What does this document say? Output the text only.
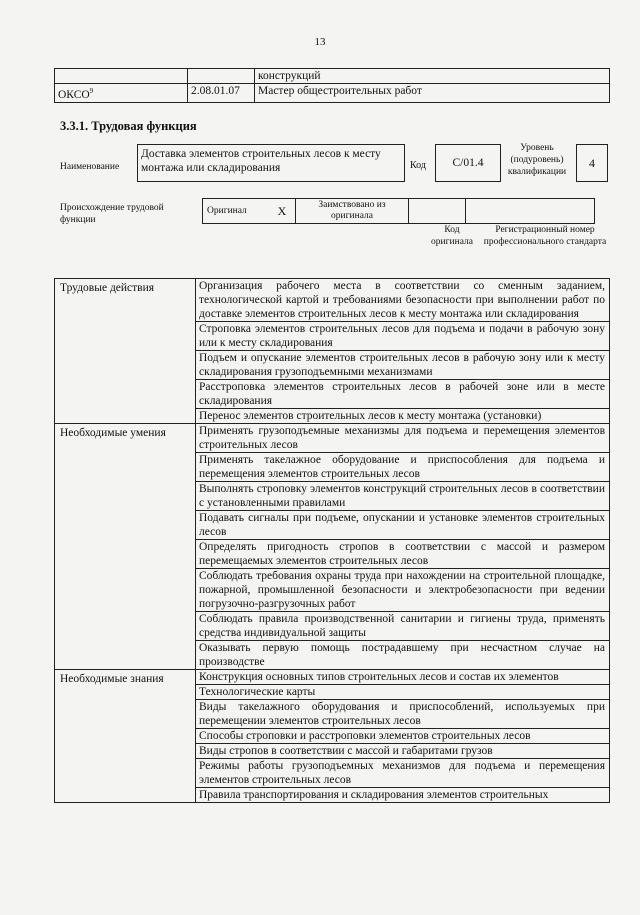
13
		конструкций
ОКСО$^9$	2.08.01.07	Мастер общестроительных работ
3.3.1. Трудовая функция
Наименование
Доставка элементов строительных лесов к месту монтажа или складирования	Код	C/01.4
Уровень (подуровень) квалификации
4
Происхождение трудовой функции
Оригинал	X	Заимствовано из оригинала		
Код оригинала
Регистрационный номер профессионального стандарта
Трудовые действия	Организация рабочего места в соответствии со сменным заданием, технологической картой и требованиями безопасности при выполнении работ по доставке элементов строительных лесов к месту монтажа или складирования
	Строповка элементов строительных лесов для подъема и подачи в рабочую зону или к месту складирования
	Подъем и опускание элементов строительных лесов в рабочую зону или к месту складирования грузоподъемными механизмами
	Расстроповка элементов строительных лесов в рабочей зоне или в месте складирования
	Перенос элементов строительных лесов к месту монтажа (установки)
Необходимые умения	Применять грузоподъемные механизмы для подъема и перемещения элементов строительных лесов
	Применять такелажное оборудование и приспособления для подъема и перемещения элементов строительных лесов
	Выполнять строповку элементов конструкций строительных лесов в соответствии с установленными правилами
	Подавать сигналы при подъеме, опускании и установке элементов строительных лесов
	Определять пригодность стропов в соответствии с массой и размером перемещаемых элементов строительных лесов
	Соблюдать требования охраны труда при нахождении на строительной площадке, пожарной, промышленной безопасности и электробезопасности при ведении погрузочно-разгрузочных работ
	Соблюдать правила производственной санитарии и гигиены труда, применять средства индивидуальной защиты
	Оказывать первую помощь пострадавшему при несчастном случае на производстве
Необходимые знания	Конструкция основных типов строительных лесов и состав их элементов
	Технологические карты
	Виды такелажного оборудования и приспособлений, используемых при перемещении элементов строительных лесов
	Способы строповки и расстроповки элементов строительных лесов
	Виды стропов в соответствии с массой и габаритами грузов
	Режимы работы грузоподъемных механизмов для подъема и перемещения элементов строительных лесов
	Правила транспортирования и складирования элементов строительных
